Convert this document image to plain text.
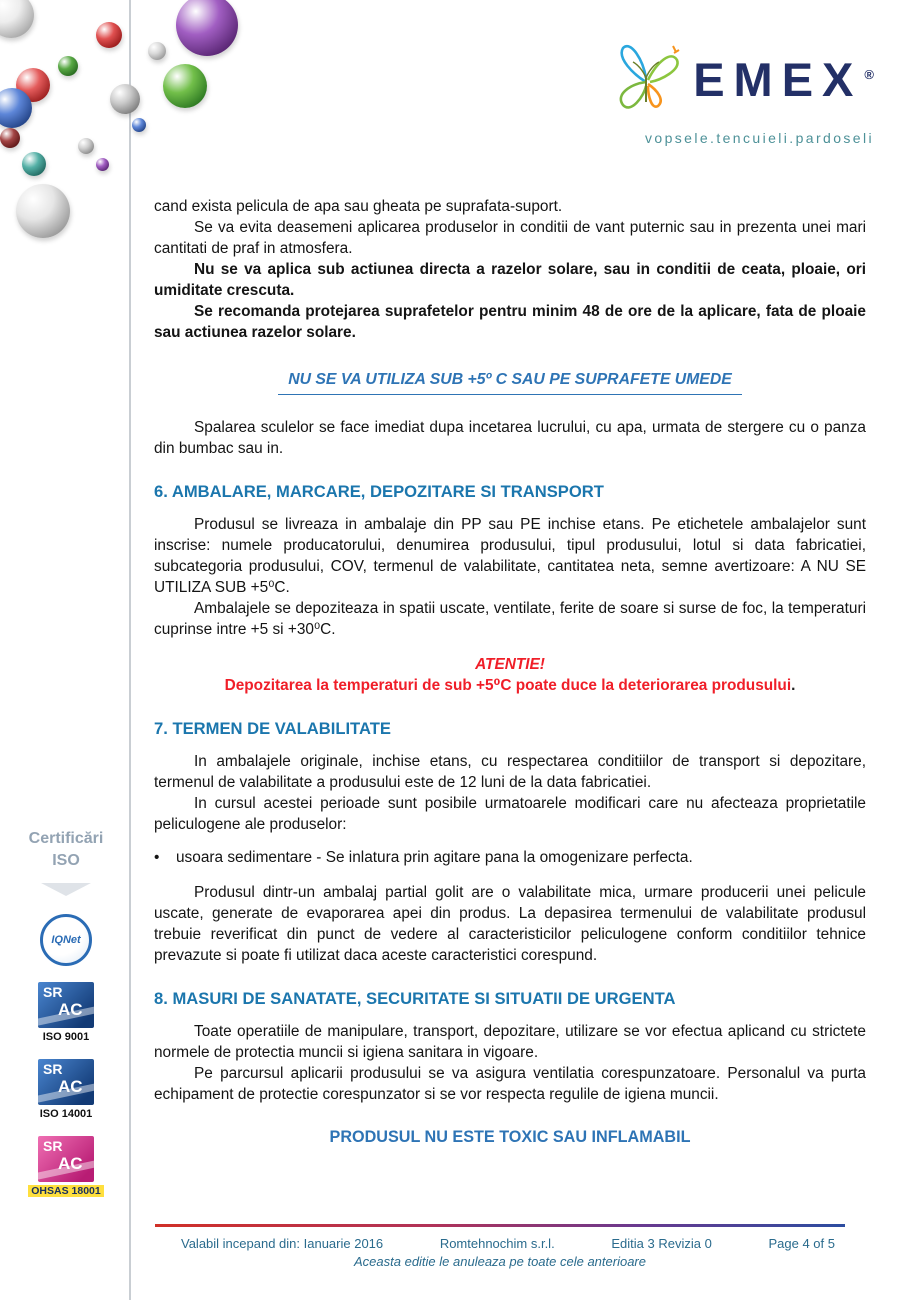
EMEX ®
vopsele.tencuieli.pardoseli
Certificări
ISO
IQNet
SR
AC
ISO 9001
SR
AC
ISO 14001
SR
AC
OHSAS 18001

cand exista pelicula de apa sau gheata pe suprafata-suport.

Se va evita deasemeni aplicarea produselor in conditii de vant puternic sau in prezenta unei mari cantitati de praf in atmosfera.

Nu se va aplica sub actiunea directa a razelor solare, sau in conditii de ceata, ploaie, ori umiditate crescuta.

Se recomanda protejarea suprafetelor pentru minim 48 de ore de la aplicare, fata de ploaie sau actiunea razelor solare.

NU SE VA UTILIZA SUB +5º C SAU PE SUPRAFETE UMEDE

Spalarea sculelor se face imediat dupa incetarea lucrului, cu apa, urmata de stergere cu o panza din bumbac sau in.

6. AMBALARE, MARCARE, DEPOZITARE SI TRANSPORT

Produsul se livreaza in ambalaje din PP sau PE inchise etans. Pe etichetele ambalajelor sunt inscrise: numele producatorului, denumirea produsului, tipul produsului, lotul si data fabricatiei, subcategoria produsului, COV, termenul de valabilitate, cantitatea neta, semne avertizoare: A NU SE UTILIZA SUB +5⁰C.

Ambalajele se depoziteaza in spatii uscate, ventilate, ferite de soare si surse de foc, la temperaturi cuprinse intre +5 si +30⁰C.

ATENTIE!
Depozitarea la temperaturi de sub +5⁰C poate duce la deteriorarea produsului.
7. TERMEN DE VALABILITATE

In ambalajele originale, inchise etans, cu respectarea conditiilor de transport si depozitare, termenul de valabilitate a produsului este de 12 luni de la data fabricatiei.

In cursul acestei perioade sunt posibile urmatoarele modificari care nu afecteaza proprietatile peliculogene ale produselor:

•	usoara sedimentare - Se inlatura prin agitare pana la omogenizare perfecta.

Produsul dintr-un ambalaj partial golit are o valabilitate mica, urmare producerii unei pelicule uscate, generate de evaporarea apei din produs. La depasirea termenului de valabilitate produsul trebuie reverificat din punct de vedere al caracteristicilor peliculogene conform conditiilor tehnice prevazute si poate fi utilizat daca aceste caracteristici corespund.

8. MASURI DE SANATATE, SECURITATE SI SITUATII DE URGENTA

Toate operatiile de manipulare, transport, depozitare, utilizare se vor efectua aplicand cu strictete normele de protectia muncii si igiena sanitara in vigoare.

Pe parcursul aplicarii produsului se va asigura ventilatia corespunzatoare. Personalul va purta echipament de protectie corespunzator si se vor respecta regulile de igiena muncii.

PRODUSUL NU ESTE TOXIC SAU INFLAMABIL
Valabil incepand din: Ianuarie 2016	Romtehnochim s.r.l.	Editia 3 Revizia 0	Page 4 of 5
Aceasta editie le anuleaza pe toate cele anterioare
